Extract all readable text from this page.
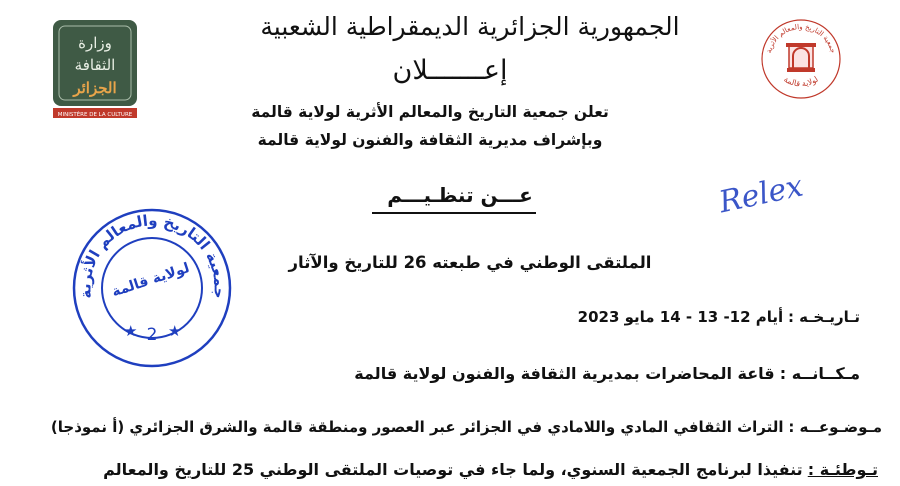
جمعية التاريخ والمعالم الأثرية
لولاية قالمة
وزارة
الثقافة
الجزائر
MINISTÈRE DE LA CULTURE
الجمهورية الجزائرية الديمقراطية الشعبية
إعـــــــلان
تعلن جمعية التاريخ والمعالم الأثرية لولاية قالمة
وبإشراف مديرية الثقافة والفنون لولاية قالمة
عـــن تنظـيـــم	Relex
جمعية التاريخ والمعالم الأثرية
لولاية قالمة
★ 2 ★
الملتقى الوطني في طبعته 26 للتاريخ والآثار
تـاريـخـه : أيام 12- 13 - 14 مايو 2023
مـكــانــه : قاعة المحاضرات بمديرية الثقافة والفنون لولاية قالمة
مـوضـوعــه : التراث الثقافي المادي واللامادي في الجزائر عبر العصور ومنطقة قالمة والشرق الجزائري (أ نموذجا)
تـوطئـة : تنفيذا لبرنامج الجمعية السنوي، ولما جاء في توصيات الملتقى الوطني 25 للتاريخ والمعالم
